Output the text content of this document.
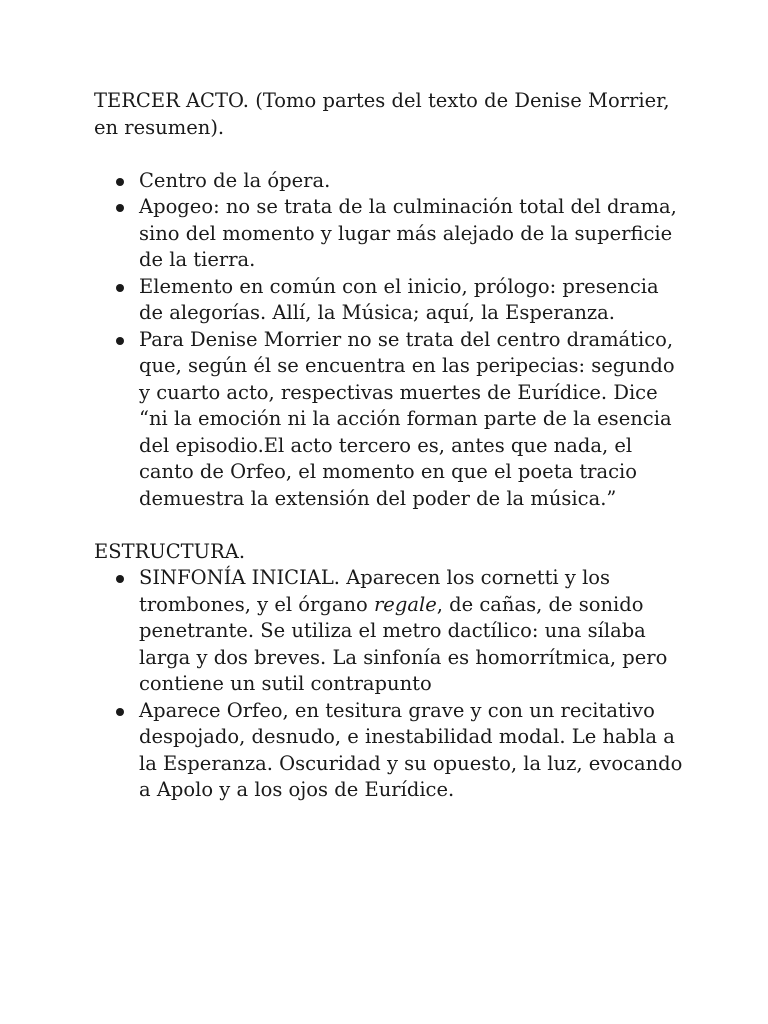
TERCER ACTO. (Tomo partes del texto de Denise Morrier, en resumen).

Centro de la ópera.
Apogeo: no se trata de la culminación total del drama, sino del momento y lugar más alejado de la superficie de la tierra.
Elemento en común con el inicio, prólogo: presencia de alegorías. Allí, la Música; aquí, la Esperanza.
Para Denise Morrier no se trata del centro dramático, que, según él se encuentra en las peripecias: segundo y cuarto acto, respectivas muertes de Eurídice. Dice “ni la emoción ni la acción forman parte de la esencia del episodio.El acto tercero es, antes que nada, el canto de Orfeo, el momento en que el poeta tracio demuestra la extensión del poder de la música.”

ESTRUCTURA.

SINFONÍA INICIAL. Aparecen los cornetti y los trombones, y el órgano regale, de cañas, de sonido penetrante. Se utiliza el metro dactílico: una sílaba larga y dos breves. La sinfonía es homorrítmica, pero contiene un sutil contrapunto
Aparece Orfeo, en tesitura grave y con un recitativo despojado, desnudo, e inestabilidad modal. Le habla a la Esperanza. Oscuridad y su opuesto, la luz, evocando a Apolo y a los ojos de Eurídice.
